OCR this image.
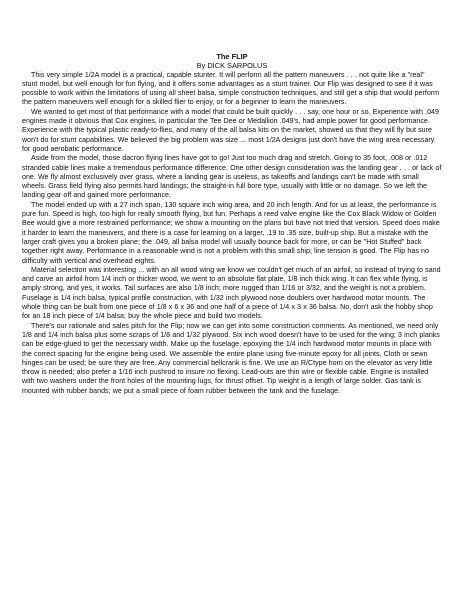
The FLIP

By DICK SARPOLUS

This very simple 1/2A model is a practical, capable stunter. It will perform all the pattern maneuvers . . . not quite like a "real" stunt model, but well enough for fun flying, and it offers some advantages as a stunt trainer. Our Flip was designed to see if it was possible to work within the limitations of using all sheet balsa, simple construction techniques, and still get a ship that would perform the pattern maneuvers well enough for a skilled flier to enjoy, or for a beginner to learn the maneuvers.

We wanted to get most of that performance with a model that could be built quickly . . . say, one hour or so. Experience with .049 engines made it obvious that Cox engines, in particular the Tee Dee or Medallion .049's, had ample power for good performance. Experience with the typical plastic ready-to-flies, and many of the all balsa kits on the market, showed us that they will fly but sure won't do for stunt capabilities. We believed the big problem was size ... most 1/2A designs just don't have the wing area necessary for good aerobatic performance.

Aside from the model, those dacron flying lines have got to go! Just too much drag and stretch. Going to 35 foot, .008 or .012 stranded cable lines make a tremendous performance difference. One other design consideration was the landing gear . . . or lack of one. We fly almost exclusively over grass, where a landing gear is useless, as takeoffs and landings can't be made with small wheels. Grass field flying also permits hard landings; the straight-in full bore type, usually with little or no damage. So we left the landing gear off and gained more performance.

The model ended up with a 27 inch span, 130 square inch wing area, and 20 inch length. And for us at least, the performance is pure fun. Speed is high, too high for really smooth flying, but fun. Perhaps a reed valve engine like the Cox Black Widow or Golden Bee would give a more restrained performance; we show a mounting on the plans but have not tried that version. Speed does make it harder to learn the maneuvers, and there is a case for learning on a larger, .19 to .35 size, built-up ship. But a mistake with the larger craft gives you a broken plane; the .049, all balsa model will usually bounce back for more, or can be "Hot Stuffed" back together right away. Performance in a reasonable wind is not a problem with this small ship; line tension is good. The Flip has no difficulty with vertical and overhead eights.

Material selection was interesting ... with an all wood wing we know we couldn't get much of an airfoil, so instead of trying to sand and carve an airfoil from 1/4 inch or thicker wood, we went to an absolute flat plate, 1/8 inch thick wing. It can flex while flying, is amply strong, and yes, it works. Tail surfaces are also 1/8 inch; more rugged than 1/16 or 3/32, and the weight is not a problem. Fuselage is 1/4 inch balsa, typical profile construction, with 1/32 inch plywood nose doublers over hardwood motor mounts. The whole thing can be built from one piece of 1/8 x 6 x 36 and one half of a piece of 1/4 x 3 x 36 balsa. No, don't ask the hobby shop for an 18 inch piece of 1/4 balsa; buy the whole piece and build two models.

There's our rationale and sales pitch for the Flip; now we can get into some construction comments. As mentioned, we need only 1/8 and 1/4 inch balsa plus some scraps of 1/8 and 1/32 plywood. Six inch wood doesn't have to be used for the wing; 3 inch planks can be edge-glued to get the necessary width. Make up the fuselage, epoxying the 1/4 inch hardwood motor mounts in place with the correct spacing for the engine being used. We assemble the entire plane using five-minute epoxy for all joints. Cloth or sewn hinges can be used; be sure they are free. Any commercial bellcrank is fine. We use an R/Ctype horn on the elevator as very little throw is needed; also prefer a 1/16 inch pushrod to insure no flexing. Lead-outs are thin wire or flexible cable. Engine is installed with two washers under the front holes of the mounting lugs, for thrust offset. Tip weight is a length of large solder. Gas tank is mounted with rubber bands; we put a small piece of foam rubber between the tank and the fuselage.
